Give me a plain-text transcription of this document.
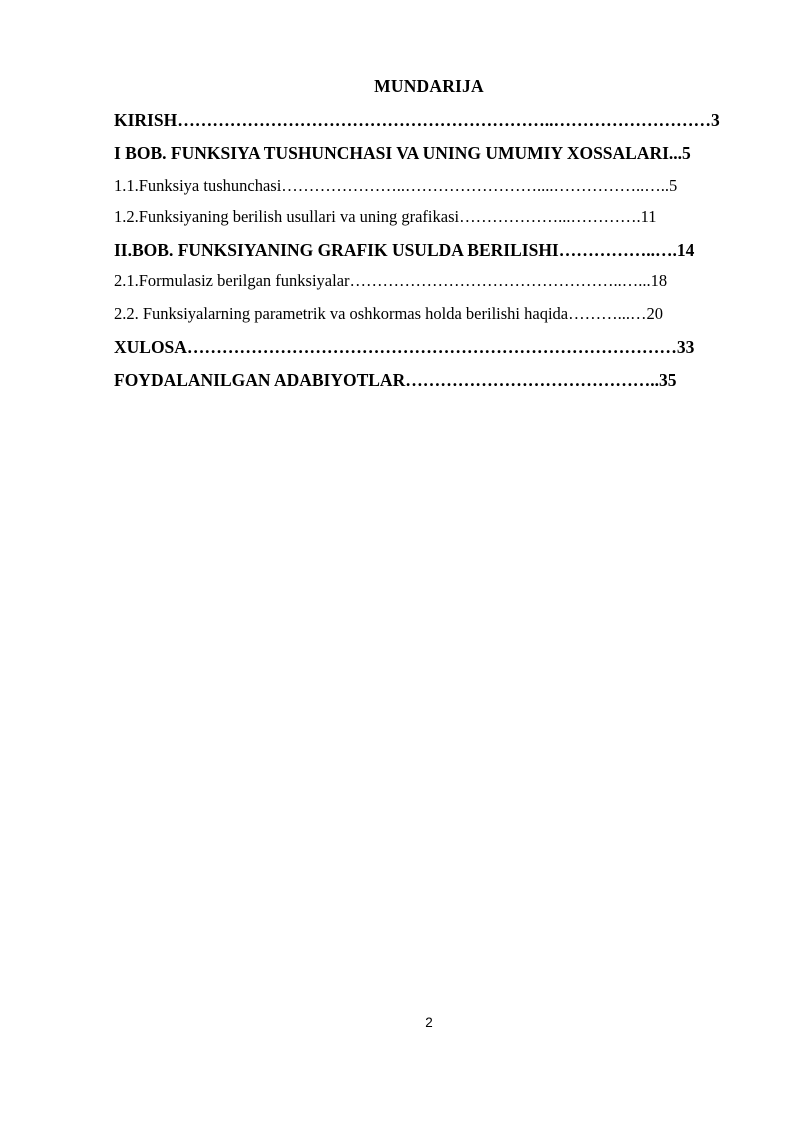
MUNDARIJA
KIRISH………………………………………………………..………………………3
I BOB. FUNKSIYA TUSHUNCHASI VA UNING UMUMIY XOSSALARI...5
1.1.Funksiya tushunchasi…………………..……………………....……………..…..5
1.2.Funksiyaning berilish usullari va uning grafikasi………………...………….11
II.BOB. FUNKSIYANING GRAFIK USULDA BERILISHI……………..….14
2.1.Formulasiz berilgan funksiyalar…………………………………………..…...18
2.2. Funksiyalarning parametrik va oshkormas holda berilishi haqida………...…20
XULOSA…………………………………………………………………………33
FOYDALANILGAN ADABIYOTLAR……………………………………..35
2
